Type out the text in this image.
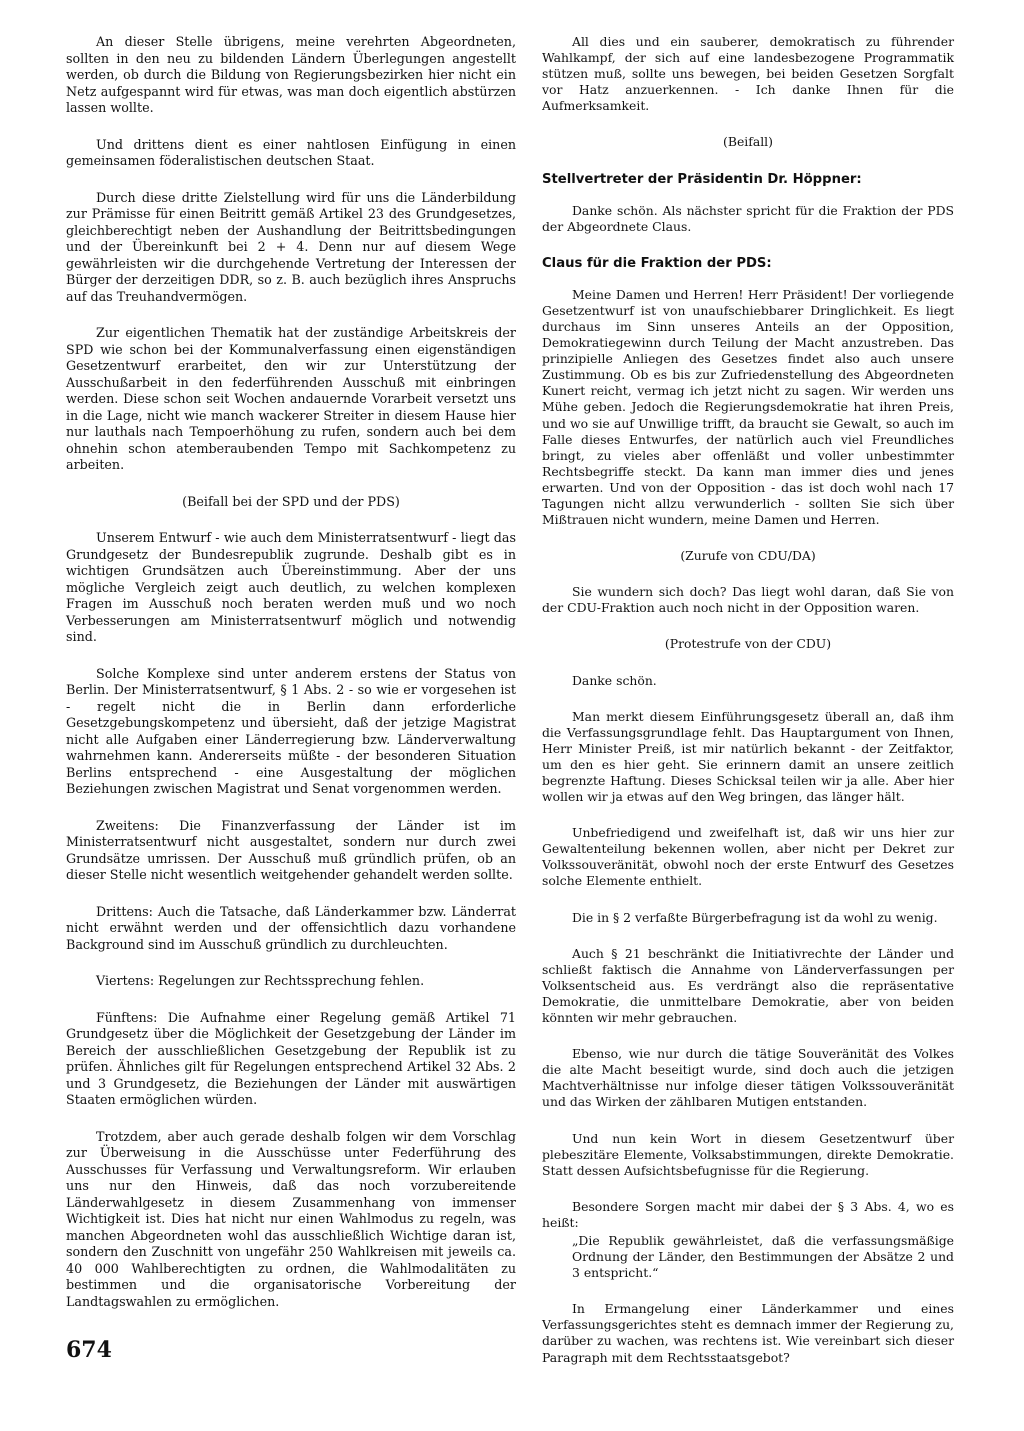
An dieser Stelle übrigens, meine verehrten Abgeordneten, sollten in den neu zu bildenden Ländern Überlegungen angestellt werden, ob durch die Bildung von Regierungsbezirken hier nicht ein Netz aufgespannt wird für etwas, was man doch eigentlich abstürzen lassen wollte.

Und drittens dient es einer nahtlosen Einfügung in einen gemeinsamen föderalistischen deutschen Staat.

Durch diese dritte Zielstellung wird für uns die Länderbildung zur Prämisse für einen Beitritt gemäß Artikel 23 des Grundgesetzes, gleichberechtigt neben der Aushandlung der Beitrittsbedingungen und der Übereinkunft bei 2 + 4. Denn nur auf diesem Wege gewährleisten wir die durchgehende Vertretung der Interessen der Bürger der derzeitigen DDR, so z. B. auch bezüglich ihres Anspruchs auf das Treuhandvermögen.

Zur eigentlichen Thematik hat der zuständige Arbeitskreis der SPD wie schon bei der Kommunalverfassung einen eigenständigen Gesetzentwurf erarbeitet, den wir zur Unterstützung der Ausschußarbeit in den federführenden Ausschuß mit einbringen werden. Diese schon seit Wochen andauernde Vorarbeit versetzt uns in die Lage, nicht wie manch wackerer Streiter in diesem Hause hier nur lauthals nach Tempoerhöhung zu rufen, sondern auch bei dem ohnehin schon atemberaubenden Tempo mit Sachkompetenz zu arbeiten.

(Beifall bei der SPD und der PDS)

Unserem Entwurf - wie auch dem Ministerratsentwurf - liegt das Grundgesetz der Bundesrepublik zugrunde. Deshalb gibt es in wichtigen Grundsätzen auch Übereinstimmung. Aber der uns mögliche Vergleich zeigt auch deutlich, zu welchen komplexen Fragen im Ausschuß noch beraten werden muß und wo noch Verbesserungen am Ministerratsentwurf möglich und notwendig sind.

Solche Komplexe sind unter anderem erstens der Status von Berlin. Der Ministerratsentwurf, § 1 Abs. 2 - so wie er vorgesehen ist - regelt nicht die in Berlin dann erforderliche Gesetzgebungskompetenz und übersieht, daß der jetzige Magistrat nicht alle Aufgaben einer Länderregierung bzw. Länderverwaltung wahrnehmen kann. Andererseits müßte - der besonderen Situation Berlins entsprechend - eine Ausgestaltung der möglichen Beziehungen zwischen Magistrat und Senat vorgenommen werden.

Zweitens: Die Finanzverfassung der Länder ist im Ministerratsentwurf nicht ausgestaltet, sondern nur durch zwei Grundsätze umrissen. Der Ausschuß muß gründlich prüfen, ob an dieser Stelle nicht wesentlich weitgehender gehandelt werden sollte.

Drittens: Auch die Tatsache, daß Länderkammer bzw. Länderrat nicht erwähnt werden und der offensichtlich dazu vorhandene Background sind im Ausschuß gründlich zu durchleuchten.

Viertens: Regelungen zur Rechtssprechung fehlen.

Fünftens: Die Aufnahme einer Regelung gemäß Artikel 71 Grundgesetz über die Möglichkeit der Gesetzgebung der Länder im Bereich der ausschließlichen Gesetzgebung der Republik ist zu prüfen. Ähnliches gilt für Regelungen entsprechend Artikel 32 Abs. 2 und 3 Grundgesetz, die Beziehungen der Länder mit auswärtigen Staaten ermöglichen würden.

Trotzdem, aber auch gerade deshalb folgen wir dem Vorschlag zur Überweisung in die Ausschüsse unter Federführung des Ausschusses für Verfassung und Verwaltungsreform. Wir erlauben uns nur den Hinweis, daß das noch vorzubereitende Länderwahlgesetz in diesem Zusammenhang von immenser Wichtigkeit ist. Dies hat nicht nur einen Wahlmodus zu regeln, was manchen Abgeordneten wohl das ausschließlich Wichtige daran ist, sondern den Zuschnitt von ungefähr 250 Wahlkreisen mit jeweils ca. 40 000 Wahlberechtigten zu ordnen, die Wahlmodalitäten zu bestimmen und die organisatorische Vorbereitung der Landtagswahlen zu ermöglichen.

All dies und ein sauberer, demokratisch zu führender Wahlkampf, der sich auf eine landesbezogene Programmatik stützen muß, sollte uns bewegen, bei beiden Gesetzen Sorgfalt vor Hatz anzuerkennen. - Ich danke Ihnen für die Aufmerksamkeit.

(Beifall)

Stellvertreter der Präsidentin Dr. Höppner:

Danke schön. Als nächster spricht für die Fraktion der PDS der Abgeordnete Claus.

Claus für die Fraktion der PDS:

Meine Damen und Herren! Herr Präsident! Der vorliegende Gesetzentwurf ist von unaufschiebbarer Dringlichkeit. Es liegt durchaus im Sinn unseres Anteils an der Opposition, Demokratiegewinn durch Teilung der Macht anzustreben. Das prinzipielle Anliegen des Gesetzes findet also auch unsere Zustimmung. Ob es bis zur Zufriedenstellung des Abgeordneten Kunert reicht, vermag ich jetzt nicht zu sagen. Wir werden uns Mühe geben. Jedoch die Regierungsdemokratie hat ihren Preis, und wo sie auf Unwillige trifft, da braucht sie Gewalt, so auch im Falle dieses Entwurfes, der natürlich auch viel Freundliches bringt, zu vieles aber offenläßt und voller unbestimmter Rechtsbegriffe steckt. Da kann man immer dies und jenes erwarten. Und von der Opposition - das ist doch wohl nach 17 Tagungen nicht allzu verwunderlich - sollten Sie sich über Mißtrauen nicht wundern, meine Damen und Herren.

(Zurufe von CDU/DA)

Sie wundern sich doch? Das liegt wohl daran, daß Sie von der CDU-Fraktion auch noch nicht in der Opposition waren.

(Protestrufe von der CDU)

Danke schön.

Man merkt diesem Einführungsgesetz überall an, daß ihm die Verfassungsgrundlage fehlt. Das Hauptargument von Ihnen, Herr Minister Preiß, ist mir natürlich bekannt - der Zeitfaktor, um den es hier geht. Sie erinnern damit an unsere zeitlich begrenzte Haftung. Dieses Schicksal teilen wir ja alle. Aber hier wollen wir ja etwas auf den Weg bringen, das länger hält.

Unbefriedigend und zweifelhaft ist, daß wir uns hier zur Gewaltenteilung bekennen wollen, aber nicht per Dekret zur Volkssouveränität, obwohl noch der erste Entwurf des Gesetzes solche Elemente enthielt.

Die in § 2 verfaßte Bürgerbefragung ist da wohl zu wenig.

Auch § 21 beschränkt die Initiativrechte der Länder und schließt faktisch die Annahme von Länderverfassungen per Volksentscheid aus. Es verdrängt also die repräsentative Demokratie, die unmittelbare Demokratie, aber von beiden könnten wir mehr gebrauchen.

Ebenso, wie nur durch die tätige Souveränität des Volkes die alte Macht beseitigt wurde, sind doch auch die jetzigen Machtverhältnisse nur infolge dieser tätigen Volkssouveränität und das Wirken der zählbaren Mutigen entstanden.

Und nun kein Wort in diesem Gesetzentwurf über plebeszitäre Elemente, Volksabstimmungen, direkte Demokratie. Statt dessen Aufsichtsbefugnisse für die Regierung.

Besondere Sorgen macht mir dabei der § 3 Abs. 4, wo es heißt:

„Die Republik gewährleistet, daß die verfassungsmäßige Ordnung der Länder, den Bestimmungen der Absätze 2 und 3 entspricht.“

In Ermangelung einer Länderkammer und eines Verfassungsgerichtes steht es demnach immer der Regierung zu, darüber zu wachen, was rechtens ist. Wie vereinbart sich dieser Paragraph mit dem Rechtsstaatsgebot?

674
